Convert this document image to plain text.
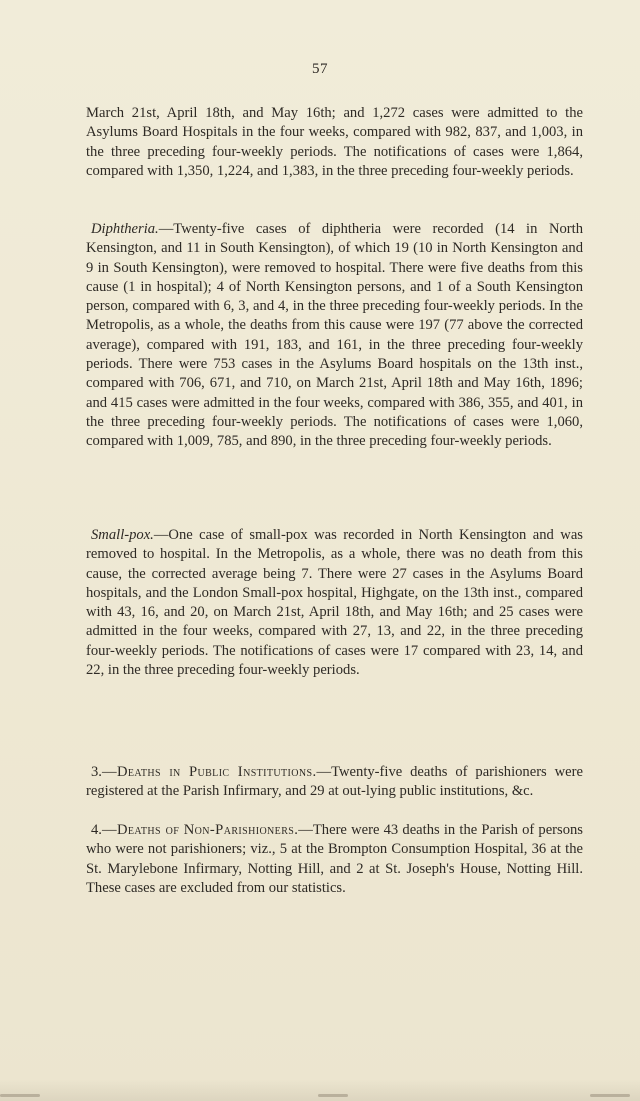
57

March 21st, April 18th, and May 16th; and 1,272 cases were admitted to the Asylums Board Hospitals in the four weeks, compared with 982, 837, and 1,003, in the three preceding four-weekly periods. The notifications of cases were 1,864, compared with 1,350, 1,224, and 1,383, in the three preceding four-weekly periods.

Diphtheria.—Twenty-five cases of diphtheria were recorded (14 in North Kensington, and 11 in South Kensington), of which 19 (10 in North Kensington and 9 in South Kensington), were removed to hospital. There were five deaths from this cause (1 in hospital); 4 of North Kensington persons, and 1 of a South Kensington person, compared with 6, 3, and 4, in the three preceding four-weekly periods. In the Metropolis, as a whole, the deaths from this cause were 197 (77 above the corrected average), compared with 191, 183, and 161, in the three preceding four-weekly periods. There were 753 cases in the Asylums Board hospitals on the 13th inst., compared with 706, 671, and 710, on March 21st, April 18th and May 16th, 1896; and 415 cases were admitted in the four weeks, compared with 386, 355, and 401, in the three preceding four-weekly periods. The notifications of cases were 1,060, compared with 1,009, 785, and 890, in the three preceding four-weekly periods.

Small-pox.—One case of small-pox was recorded in North Kensington and was removed to hospital. In the Metropolis, as a whole, there was no death from this cause, the corrected average being 7. There were 27 cases in the Asylums Board hospitals, and the London Small-pox hospital, Highgate, on the 13th inst., compared with 43, 16, and 20, on March 21st, April 18th, and May 16th; and 25 cases were admitted in the four weeks, compared with 27, 13, and 22, in the three preceding four-weekly periods. The notifications of cases were 17 compared with 23, 14, and 22, in the three preceding four-weekly periods.

3.—Deaths in Public Institutions.—Twenty-five deaths of parishioners were registered at the Parish Infirmary, and 29 at out-lying public institutions, &c.

4.—Deaths of Non-Parishioners.—There were 43 deaths in the Parish of persons who were not parishioners; viz., 5 at the Brompton Consumption Hospital, 36 at the St. Marylebone Infirmary, Notting Hill, and 2 at St. Joseph's House, Notting Hill. These cases are excluded from our statistics.
